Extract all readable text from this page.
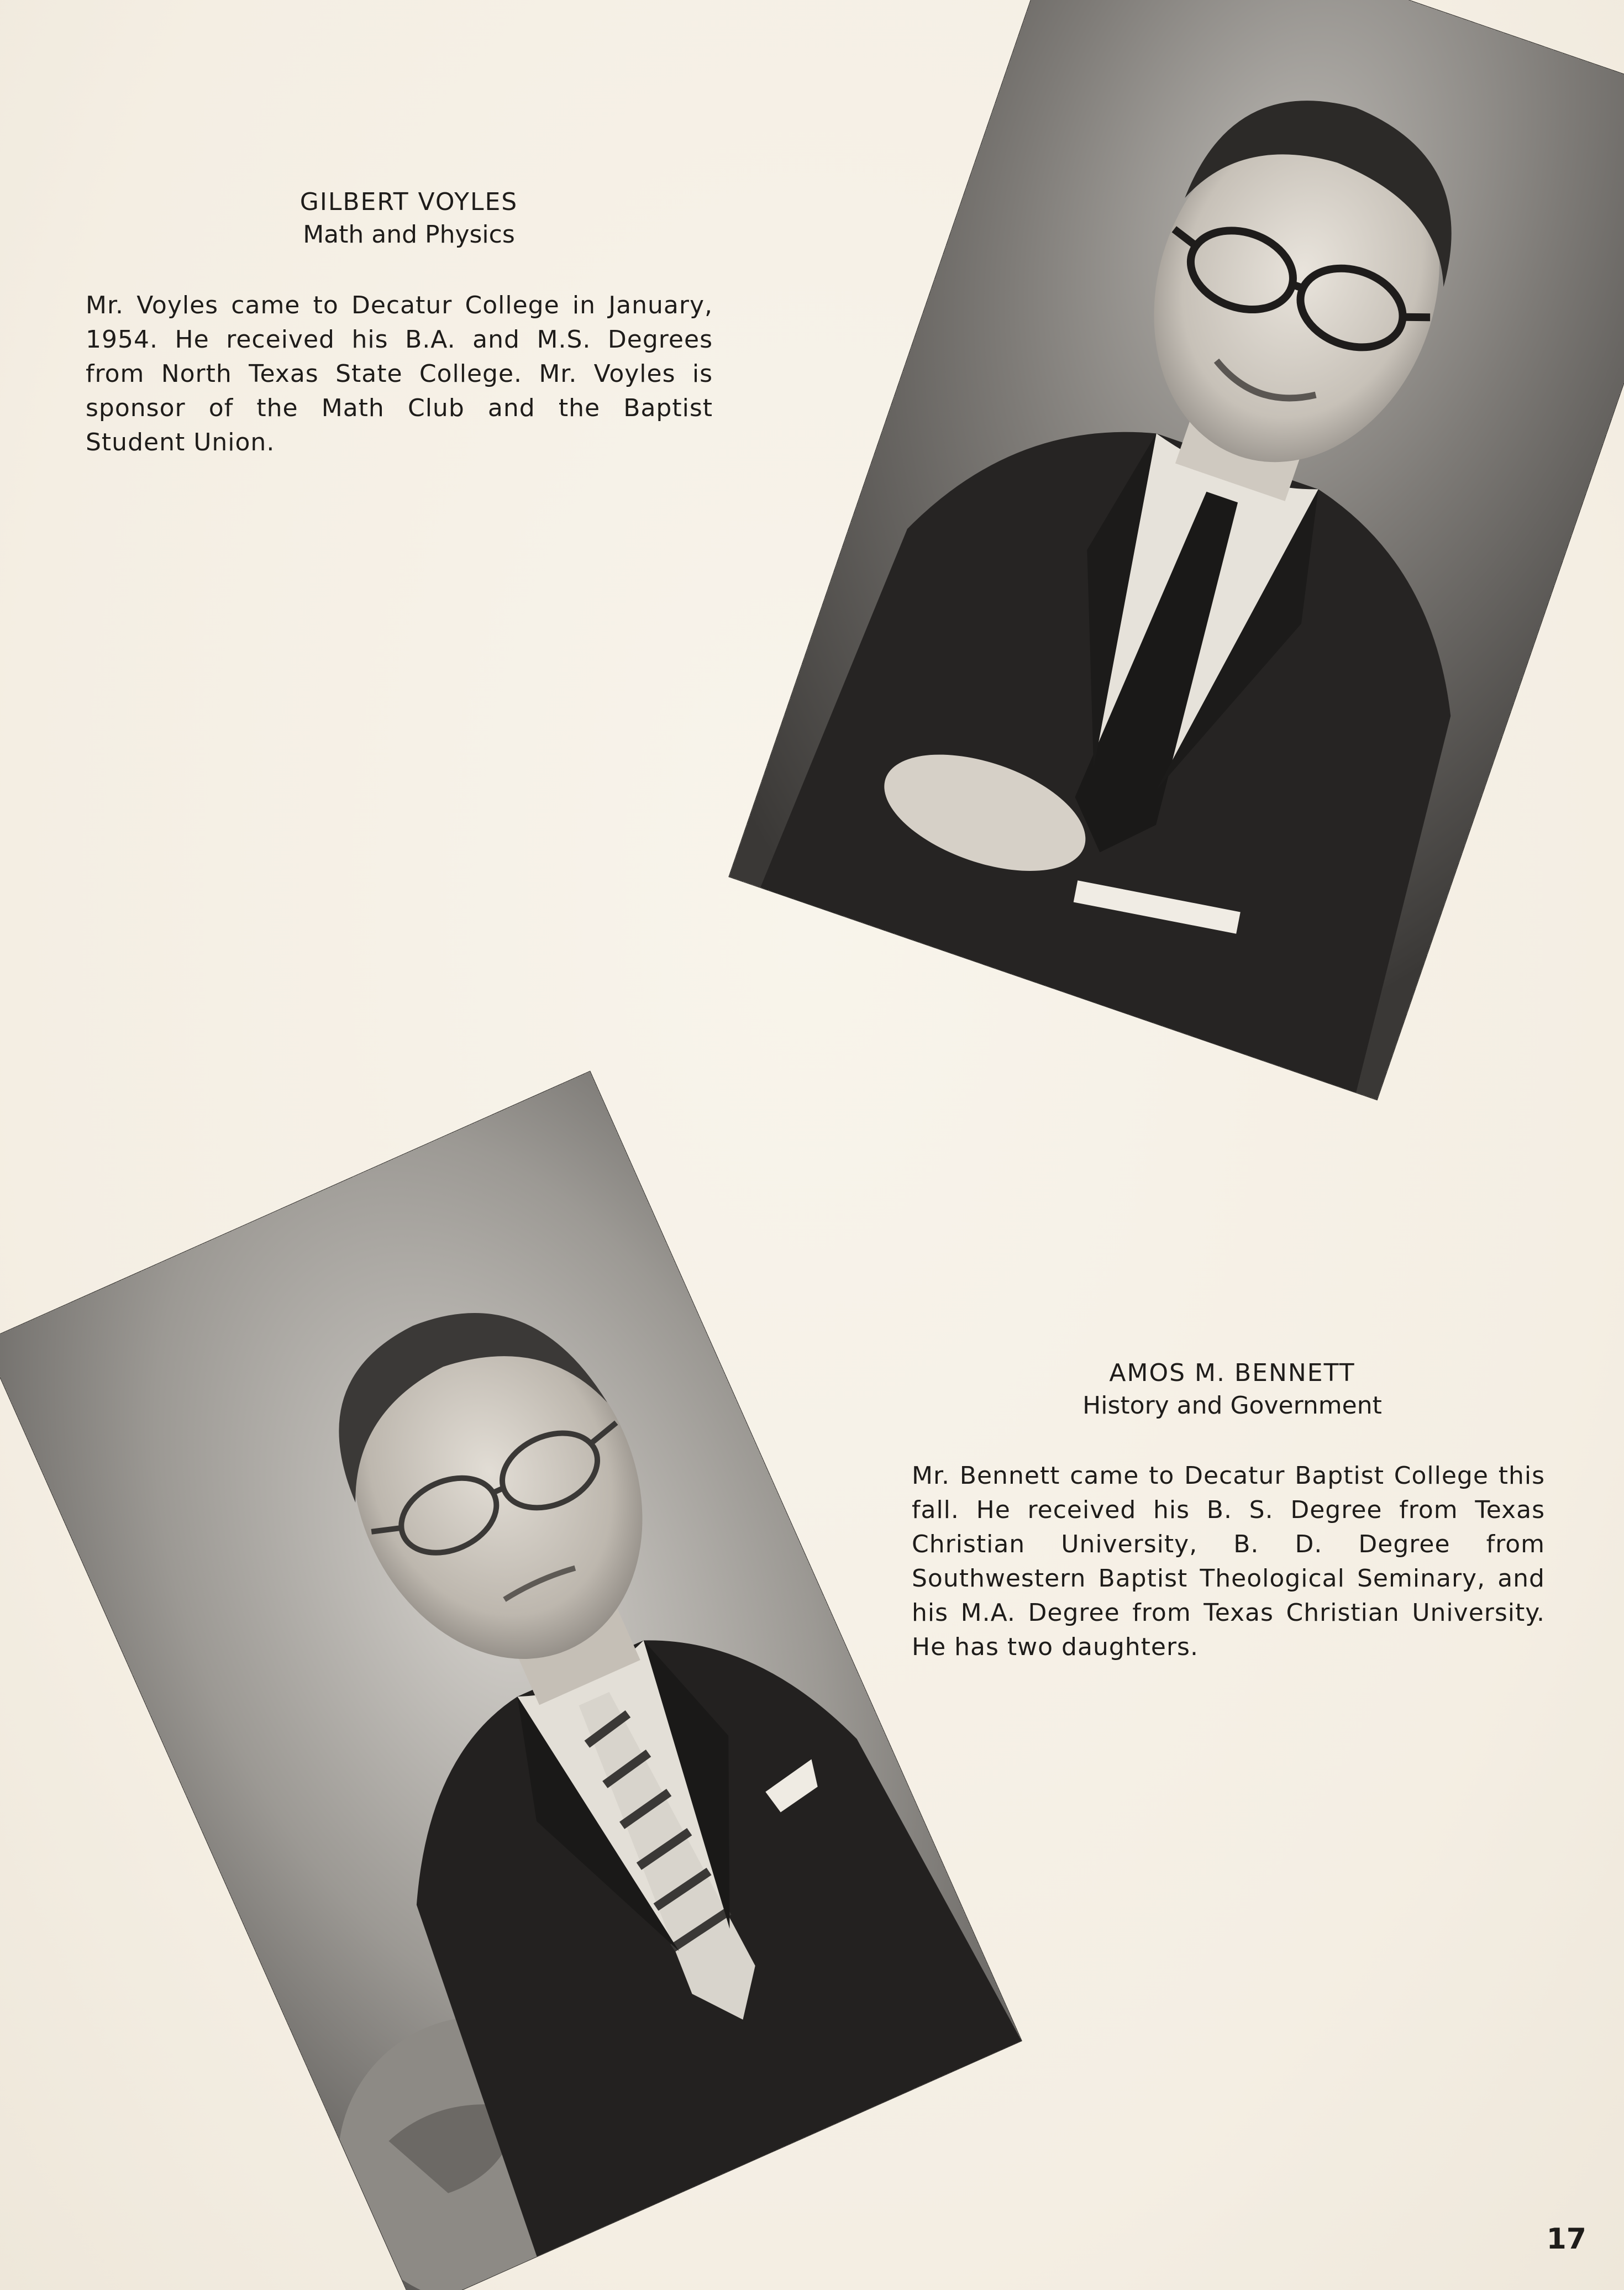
GILBERT VOYLES
Math and Physics
Mr. Voyles came to Decatur College in January, 1954. He received his B.A. and M.S. Degrees from North Texas State College. Mr. Voyles is sponsor of the Math Club and the Baptist Student Union.
AMOS M. BENNETT
History and Government
Mr. Bennett came to Decatur Baptist College this fall. He received his B. S. Degree from Texas Christian University, B. D. Degree from Southwestern Baptist Theological Seminary, and his M.A. Degree from Texas Christian University. He has two daughters.
17
